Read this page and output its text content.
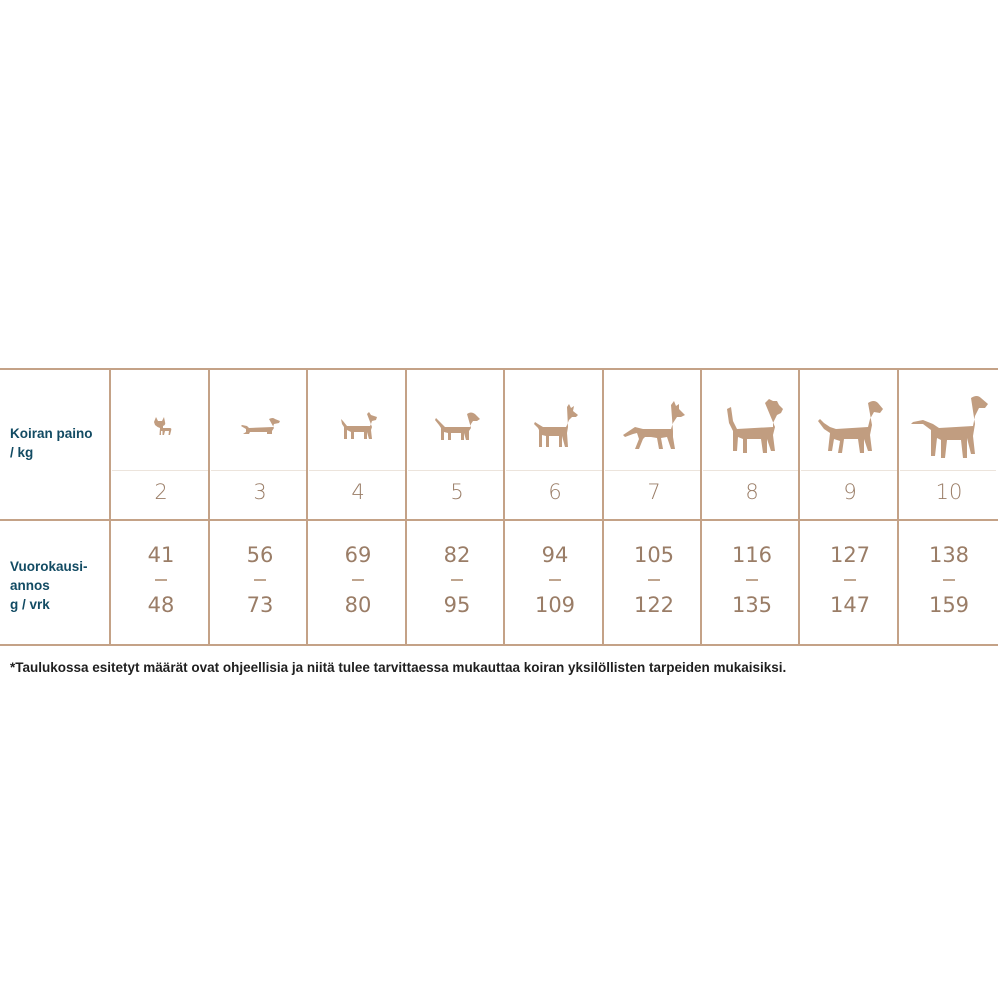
Koiran paino
/ kg
Vuorokausi-
annos
g / vrk
2
41
48
3
56
73
4
69
80
5
82
95
6
94
109
7
105
122
8
116
135
9
127
147
10
138
159
*Taulukossa esitetyt määrät ovat ohjeellisia ja niitä tulee tarvittaessa mukauttaa koiran yksilöllisten tarpeiden mukaisiksi.
